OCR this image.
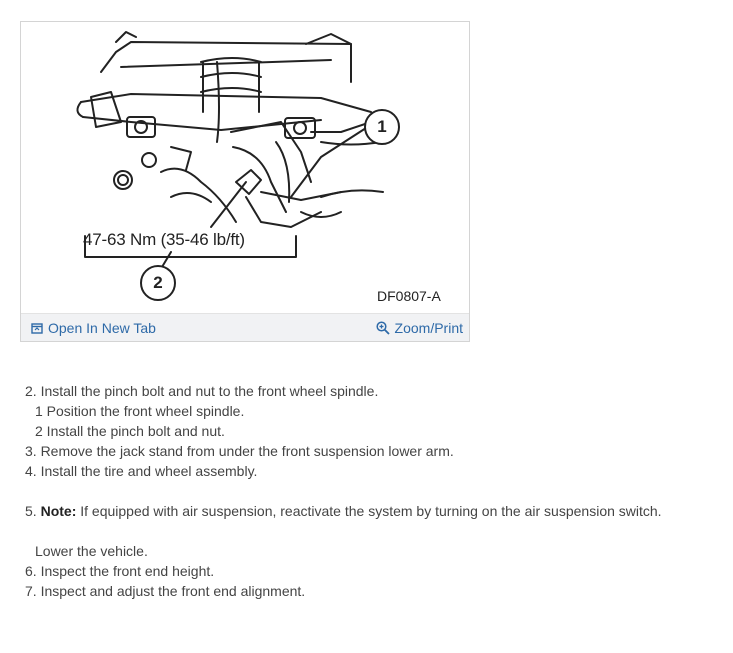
1
2
47-63 Nm (35-46 lb/ft)
DF0807-A
Open In New Tab	Zoom/Print
2. Install the pinch bolt and nut to the front wheel spindle.
1 Position the front wheel spindle.
2 Install the pinch bolt and nut.
3. Remove the jack stand from under the front suspension lower arm.
4. Install the tire and wheel assembly.
5. Note: If equipped with air suspension, reactivate the system by turning on the air suspension switch.
Lower the vehicle.
6. Inspect the front end height.
7. Inspect and adjust the front end alignment.
